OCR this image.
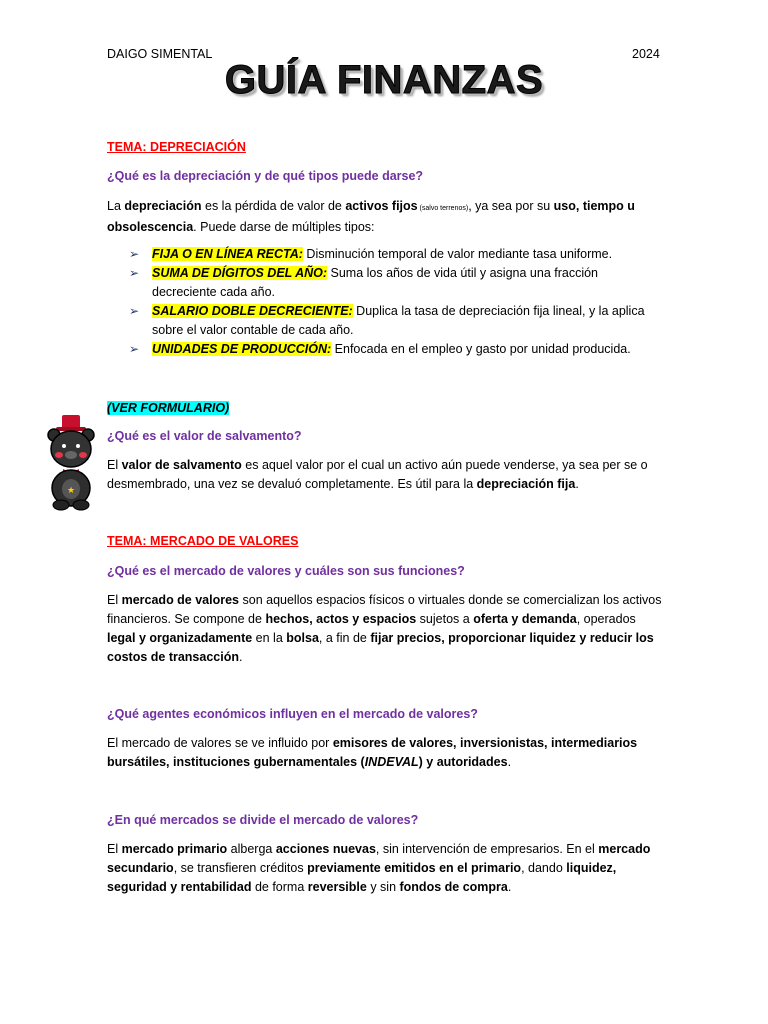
DAIGO SIMENTAL	2024
GUÍA FINANZAS
TEMA: DEPRECIACIÓN
¿Qué es la depreciación y de qué tipos puede darse?
La depreciación es la pérdida de valor de activos fijos (salvo terrenos), ya sea por su uso, tiempo u obsolescencia. Puede darse de múltiples tipos:
➢ FIJA O EN LÍNEA RECTA: Disminución temporal de valor mediante tasa uniforme.
➢ SUMA DE DÍGITOS DEL AÑO: Suma los años de vida útil y asigna una fracción decreciente cada año.
➢ SALARIO DOBLE DECRECIENTE: Duplica la tasa de depreciación fija lineal, y la aplica sobre el valor contable de cada año.
➢ UNIDADES DE PRODUCCIÓN: Enfocada en el empleo y gasto por unidad producida.
(VER FORMULARIO)
★
¿Qué es el valor de salvamento?
El valor de salvamento es aquel valor por el cual un activo aún puede venderse, ya sea per se o desmembrado, una vez se devaluó completamente. Es útil para la depreciación fija.
TEMA: MERCADO DE VALORES
¿Qué es el mercado de valores y cuáles son sus funciones?
El mercado de valores son aquellos espacios físicos o virtuales donde se comercializan los activos financieros. Se compone de hechos, actos y espacios sujetos a oferta y demanda, operados legal y organizadamente en la bolsa, a fin de fijar precios, proporcionar liquidez y reducir los costos de transacción.
¿Qué agentes económicos influyen en el mercado de valores?
El mercado de valores se ve influido por emisores de valores, inversionistas, intermediarios bursátiles, instituciones gubernamentales (INDEVAL) y autoridades.
¿En qué mercados se divide el mercado de valores?
El mercado primario alberga acciones nuevas, sin intervención de empresarios. En el mercado secundario, se transfieren créditos previamente emitidos en el primario, dando liquidez, seguridad y rentabilidad de forma reversible y sin fondos de compra.
